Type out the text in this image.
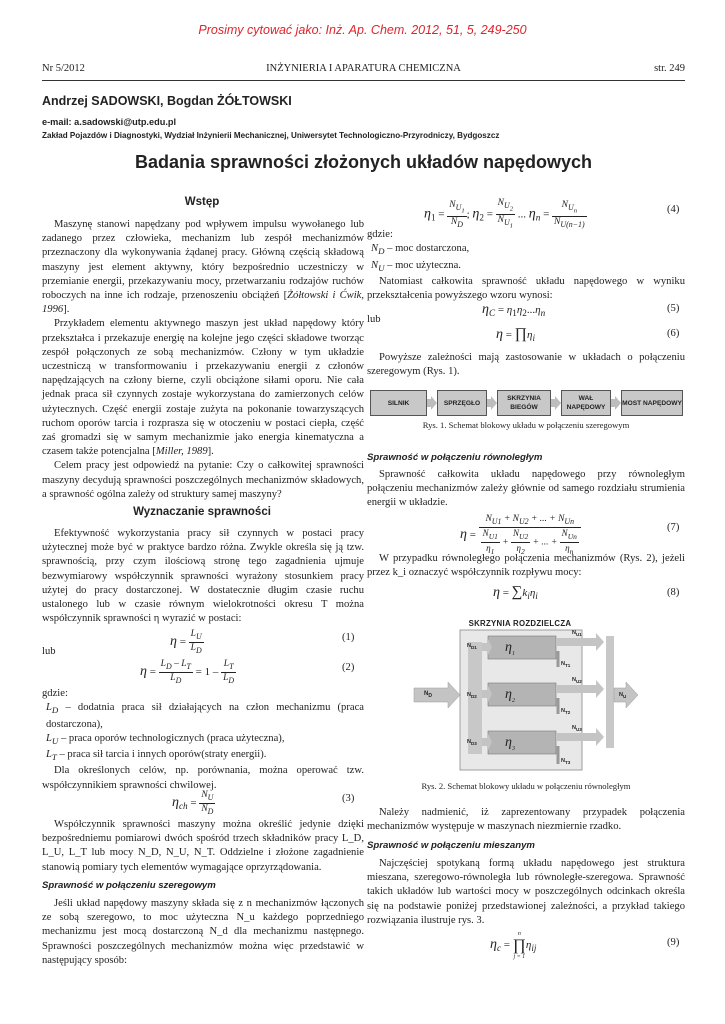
Prosimy cytować jako: Inż. Ap. Chem. 2012, 51, 5, 249-250
Nr 5/2012	INŻYNIERIA I APARATURA CHEMICZNA	str. 249
Andrzej SADOWSKI, Bogdan ŻÓŁTOWSKI
e-mail: a.sadowski@utp.edu.pl
Zakład Pojazdów i Diagnostyki, Wydział Inżynierii Mechanicznej, Uniwersytet Technologiczno-Przyrodniczy, Bydgoszcz
Badania sprawności złożonych układów napędowych
Wstęp

Maszynę stanowi napędzany pod wpływem impulsu wywołanego lub zadanego przez człowieka, mechanizm lub zespół mechanizmów przeznaczony dla wykonywania żądanej pracy. Główną częścią składową maszyny jest element aktywny, który bezpośrednio uczestniczy w przemianie energii, przekazywaniu mocy, przetwarzaniu rodzajów ruchów roboczych na inne ich rodzaje, przenoszeniu obciążeń [Żółtowski i Ćwik, 1996].

Przykładem elementu aktywnego maszyn jest układ napędowy który przekształca i przekazuje energię na kolejne jego części składowe tworząc zespół połączonych ze sobą mechanizmów. Człony w tym układzie uczestniczą w transformowaniu i przekazywaniu energii z członów napędzających na człony bierne, czyli obciążone siłami oporu. Nie cała jednak praca sił czynnych zostaje wykorzystana do zamierzonych celów użytecznych. Część energii zostaje zużyta na pokonanie towarzyszących ruchom oporów tarcia i rozprasza się w otoczeniu w postaci ciepła, część zaś gromadzi się w samym mechanizmie jako energia kinematyczna a czasem także potencjalna [Miller, 1989].

Celem pracy jest odpowiedź na pytanie: Czy o całkowitej sprawności maszyny decydują sprawności poszczególnych mechanizmów składowych, a sprawność ogólna zależy od struktury samej maszyny?

Wyznaczanie sprawności

Efektywność wykorzystania pracy sił czynnych w postaci pracy użytecznej może być w praktyce bardzo różna. Zwykle określa się ją tzw. sprawnością, przy czym ilościową stronę tego zagadnienia ujmuje bezwymiarowy współczynnik sprawności wyrażony stosunkiem pracy użytej do pracy dostarczonej. W dostatecznie długim czasie ruchu ustalonego lub w czasie równym wielokrotności okresu T można współczynnik sprawności η wyrazić w postaci:

$\eta = \frac{L_U}{L_D}$	(1)
lub
$\eta = \frac{L_D - L_T}{L_D} = 1 - \frac{L_T}{L_D}$	(2)

gdzie:

$L_D$ – dodatnia praca sił działających na człon mechanizmu (praca dostarczona),

$L_U$ – praca oporów technologicznych (praca użyteczna),

$L_T$ – praca sił tarcia i innych oporów(straty energii).

Dla określonych celów, np. porównania, można operować tzw. współczynnikiem sprawności chwilowej.

$\eta_{ch} = \frac{N_U}{N_D}$	(3)

Współczynnik sprawności maszyny można określić jedynie dzięki bezpośredniemu pomiarowi dwóch spośród trzech składników pracy L_D, L_U, L_T lub mocy N_D, N_U, N_T. Oddzielne i złożone zagadnienie stanowią pomiary tych elementów wymagające oprzyrządowania.

Sprawność w połączeniu szeregowym

Jeśli układ napędowy maszyny składa się z n mechanizmów łączonych ze sobą szeregowo, to moc użyteczna N_u każdego poprzedniego mechanizmu jest mocą dostarczoną N_d dla mechanizmu następnego. Sprawności poszczególnych mechanizmów można więc przedstawić w następujący sposób:

$\eta_1 = \frac{N_{U_1}}{N_D}$ ; $\eta_2 = \frac{N_{U_2}}{N_{U_1}}$ ... $\eta_n = \frac{N_{U_n}}{N_{U(n-1)}}$	(4)

gdzie:

$N_D$ – moc dostarczona,

$N_U$ – moc użyteczna.

Natomiast całkowita sprawność układu napędowego w wyniku przekształcenia powyższego wzoru wynosi:

$\eta_C = \eta_1\eta_2...\eta_n$	(5)
lub
$\eta = \prod\eta_i$	(6)

Powyższe zależności mają zastosowanie w układach o połączeniu szeregowym (Rys. 1).

SILNIK	SPRZĘGŁO
SKRZYNIA BIEGÓW
WAŁ NAPĘDOWY
MOST NAPĘDOWY
Rys. 1. Schemat blokowy układu w połączeniu szeregowym
Sprawność w połączeniu równoległym

Sprawność całkowita układu napędowego przy równoległym połączeniu mechanizmów zależy głównie od samego rozdziału strumienia energii w układzie.

$\eta = \frac{N_{U1} + N_{U2} + ... + N_{Un}}{\frac{N_{U1}}{\eta_1} + \frac{N_{U2}}{\eta_2} + ... + \frac{N_{Un}}{\eta_n}}$	(7)

W przypadku równoległego połączenia mechanizmów (Rys. 2), jeżeli przez k_i oznaczyć współczynnik rozpływu mocy:

$\eta = \sum k_i\eta_i$	(8)
SKRZYNIA ROZDZIELCZA
$\eta_1$
$\eta_2$
$\eta_3$
$N_D$
$N_{D1}$
$N_{D2}$
$N_{D3}$
$N_{U1}$
$N_{U2}$
$N_{U3}$
$N_{T1}$
$N_{T2}$
$N_{T3}$
$N_U$
Rys. 2. Schemat blokowy układu w połączeniu równoległym

Należy nadmienić, iż zaprezentowany przypadek połączenia mechanizmów występuje w maszynach niezmiernie rzadko.

Sprawność w połączeniu mieszanym

Najczęściej spotykaną formą układu napędowego jest struktura mieszana, szeregowo-równoległa lub równoległe-szeregowa. Sprawność takich układów lub wartości mocy w poszczególnych odcinkach określa się na podstawie poniżej przedstawionej zależności, a przykład takiego rozwiązania ilustruje rys. 3.

$\eta_c$ =
n
∏
j = 1
$\eta_{ij}$
(9)
